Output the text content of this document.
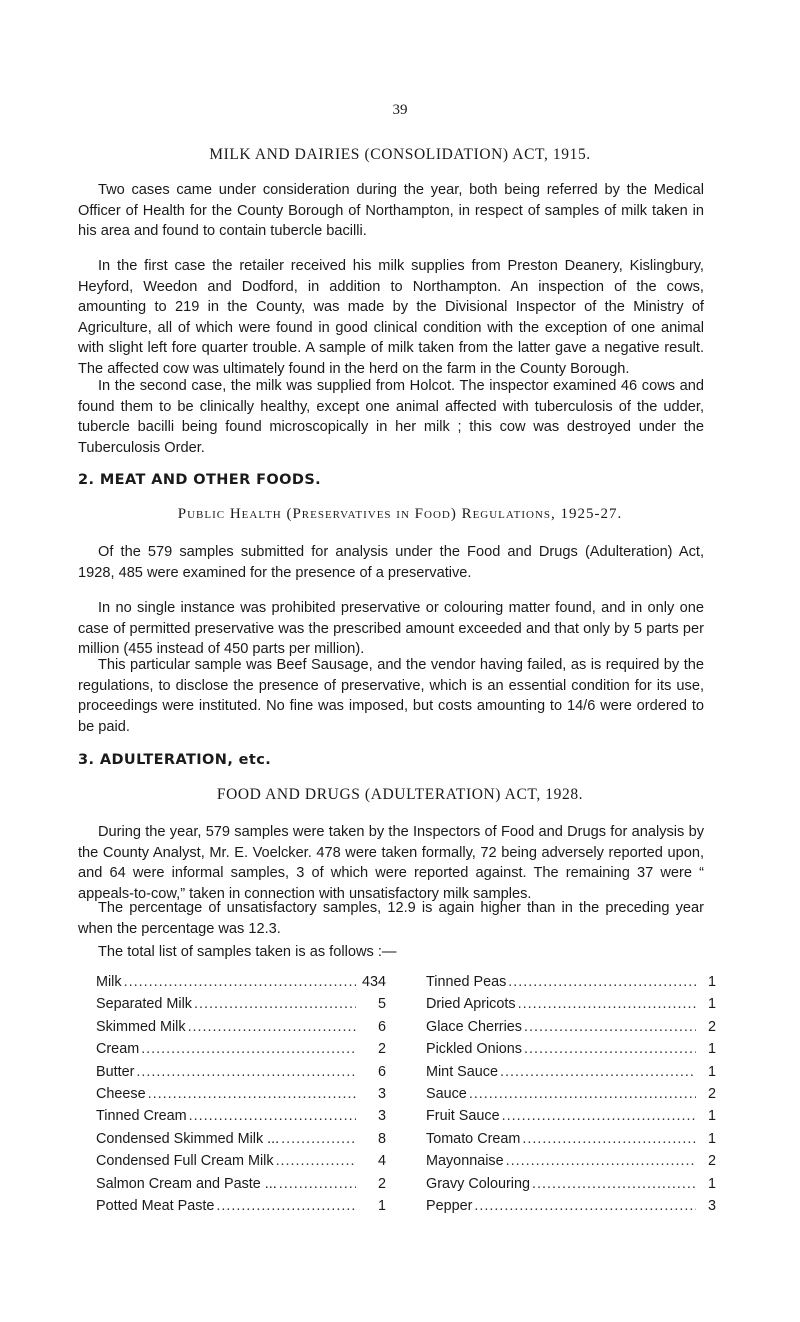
39
MILK AND DAIRIES (CONSOLIDATION) ACT, 1915.

Two cases came under consideration during the year, both being referred by the Medical Officer of Health for the County Borough of Northampton, in respect of samples of milk taken in his area and found to contain tubercle bacilli.

In the first case the retailer received his milk supplies from Preston Deanery, Kislingbury, Heyford, Weedon and Dodford, in addition to Northampton. An inspection of the cows, amounting to 219 in the County, was made by the Divisional Inspector of the Ministry of Agriculture, all of which were found in good clinical condition with the exception of one animal with slight left fore quarter trouble. A sample of milk taken from the latter gave a negative result. The affected cow was ultimately found in the herd on the farm in the County Borough.

In the second case, the milk was supplied from Holcot. The inspector examined 46 cows and found them to be clinically healthy, except one animal affected with tuberculosis of the udder, tubercle bacilli being found microscopically in her milk ; this cow was destroyed under the Tuberculosis Order.

2. MEAT AND OTHER FOODS.
Public Health (Preservatives in Food) Regulations, 1925-27.

Of the 579 samples submitted for analysis under the Food and Drugs (Adulteration) Act, 1928, 485 were examined for the presence of a preservative.

In no single instance was prohibited preservative or colouring matter found, and in only one case of permitted preservative was the prescribed amount exceeded and that only by 5 parts per million (455 instead of 450 parts per million).

This particular sample was Beef Sausage, and the vendor having failed, as is required by the regulations, to disclose the presence of preservative, which is an essential condition for its use, proceedings were instituted. No fine was imposed, but costs amounting to 14/6 were ordered to be paid.

3. ADULTERATION, etc.
FOOD AND DRUGS (ADULTERATION) ACT, 1928.

During the year, 579 samples were taken by the Inspectors of Food and Drugs for analysis by the County Analyst, Mr. E. Voelcker. 478 were taken formally, 72 being adversely reported upon, and 64 were informal samples, 3 of which were reported against. The remaining 37 were “ appeals-to-cow,” taken in connection with unsatisfactory milk samples.

The percentage of unsatisfactory samples, 12.9 is again higher than in the preceding year when the percentage was 12.3.

The total list of samples taken is as follows :—

Milk .....	434
Separated Milk .....	5
Skimmed Milk .....	6
Cream .....	2
Butter .....	6
Cheese .....	3
Tinned Cream .....	3
Condensed Skimmed Milk ... .....	8
Condensed Full Cream Milk .....	4
Salmon Cream and Paste ... .....	2
Potted Meat Paste .....	1
Tinned Peas .....	1
Dried Apricots .....	1
Glace Cherries .....	2
Pickled Onions .....	1
Mint Sauce .....	1
Sauce .....	2
Fruit Sauce .....	1
Tomato Cream .....	1
Mayonnaise .....	2
Gravy Colouring .....	1
Pepper .....	3
